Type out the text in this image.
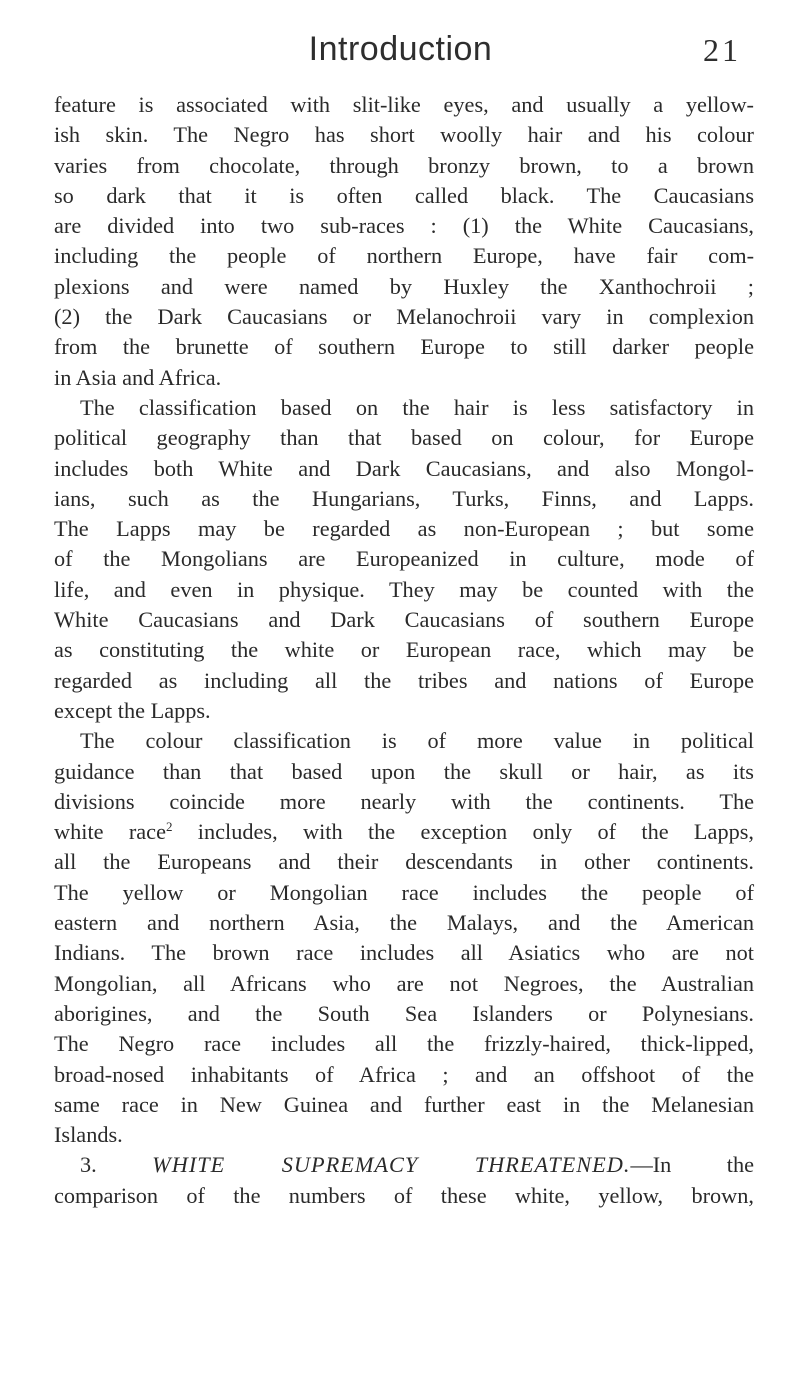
Introduction	21
feature is associated with slit-like eyes, and usually a yellow-
ish skin. The Negro has short woolly hair and his colour
varies from chocolate, through bronzy brown, to a brown
so dark that it is often called black. The Caucasians
are divided into two sub-races : (1) the White Caucasians,
including the people of northern Europe, have fair com-
plexions and were named by Huxley the Xanthochroii ;
(2) the Dark Caucasians or Melanochroii vary in complexion
from the brunette of southern Europe to still darker people
in Asia and Africa.
The classification based on the hair is less satisfactory in
political geography than that based on colour, for Europe
includes both White and Dark Caucasians, and also Mongol-
ians, such as the Hungarians, Turks, Finns, and Lapps.
The Lapps may be regarded as non-European ; but some
of the Mongolians are Europeanized in culture, mode of
life, and even in physique. They may be counted with the
White Caucasians and Dark Caucasians of southern Europe
as constituting the white or European race, which may be
regarded as including all the tribes and nations of Europe
except the Lapps.
The colour classification is of more value in political
guidance than that based upon the skull or hair, as its
divisions coincide more nearly with the continents. The
white race$^2$ includes, with the exception only of the Lapps,
all the Europeans and their descendants in other continents.
The yellow or Mongolian race includes the people of
eastern and northern Asia, the Malays, and the American
Indians. The brown race includes all Asiatics who are not
Mongolian, all Africans who are not Negroes, the Australian
aborigines, and the South Sea Islanders or Polynesians.
The Negro race includes all the frizzly-haired, thick-lipped,
broad-nosed inhabitants of Africa ; and an offshoot of the
same race in New Guinea and further east in the Melanesian
Islands.
3. WHITE SUPREMACY THREATENED.—In the
comparison of the numbers of these white, yellow, brown,
